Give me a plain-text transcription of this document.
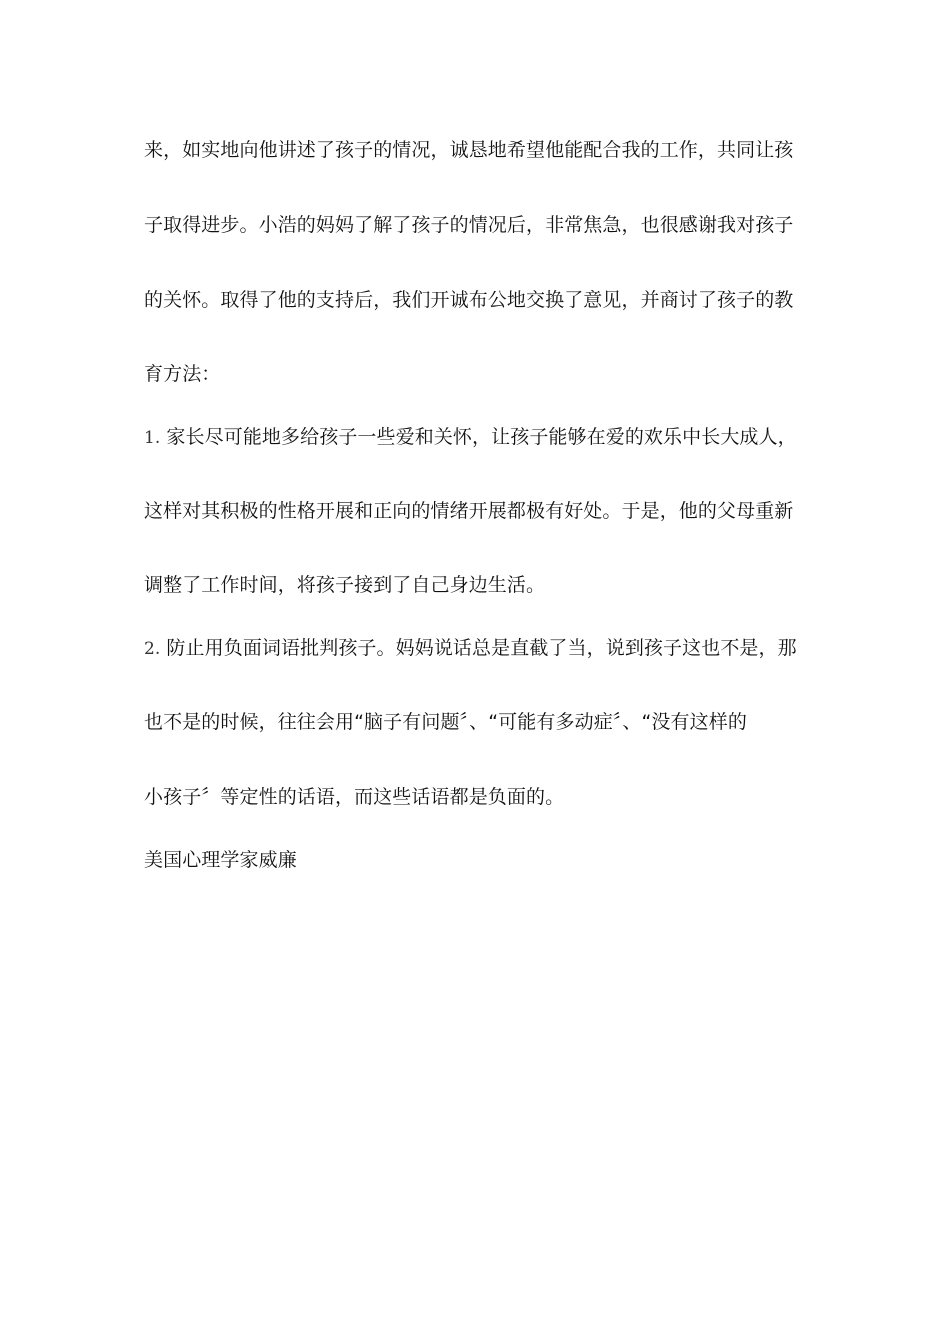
来，如实地向他讲述了孩子的情况，诚恳地希望他能配合我的工作，共同让孩
子取得进步。小浩的妈妈了解了孩子的情况后，非常焦急，也很感谢我对孩子
的关怀。取得了他的支持后，我们开诚布公地交换了意见，并商讨了孩子的教
育方法：
1. 家长尽可能地多给孩子一些爱和关怀，让孩子能够在爱的欢乐中长大成人，
这样对其积极的性格开展和正向的情绪开展都极有好处。于是，他的父母重新
调整了工作时间，将孩子接到了自己身边生活。
2. 防止用负面词语批判孩子。妈妈说话总是直截了当，说到孩子这也不是，那
也不是的时候，往往会用“脑子有问题〞、“可能有多动症〞、“没有这样的
小孩子〞等定性的话语，而这些话语都是负面的。
美国心理学家威廉
